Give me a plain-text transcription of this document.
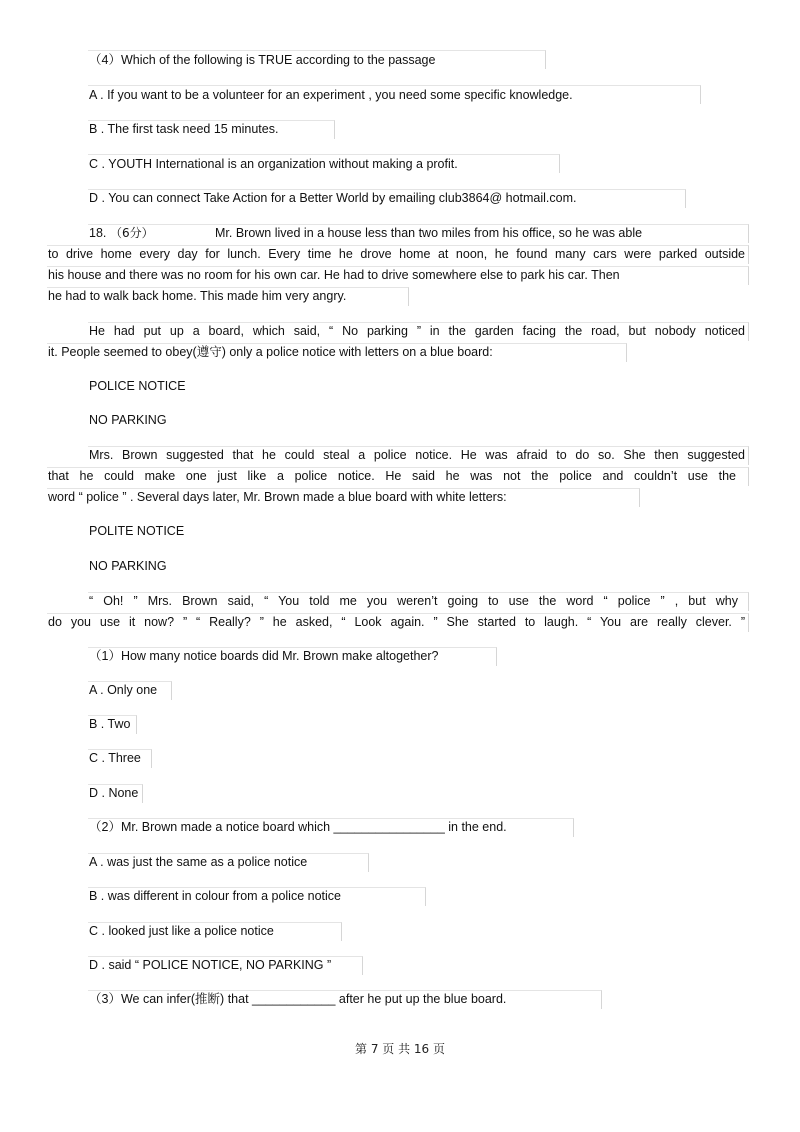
（4）Which of the following is TRUE according to the passage
A . If you want to be a volunteer for an experiment , you need some specific knowledge.
B . The first task need 15 minutes.
C . YOUTH International is an organization without making a profit.
D . You can connect Take Action for a Better World by emailing club3864@ hotmail.com.
18. （6分）	Mr. Brown lived in a house less than two miles from his office, so he was able
to drive home every day for lunch. Every time he drove home at noon, he found many cars were parked outside
his house and there was no room for his own car. He had to drive somewhere else to park his car. Then
he had to walk back home. This made him very angry.
He had put up a board, which said, “ No parking ” in the garden facing the road, but nobody noticed
it. People seemed to obey(遵守) only a police notice with letters on a blue board:
POLICE NOTICE
NO PARKING
Mrs. Brown suggested that he could steal a police notice. He was afraid to do so. She then suggested
that he could make one just like a police notice. He said he was not the police and couldn’t use the
word “ police ” . Several days later, Mr. Brown made a blue board with white letters:
POLITE NOTICE
NO PARKING
“ Oh! ” Mrs. Brown said, “ You told me you weren’t going to use the word “ police ” , but why
do you use it now? ” “ Really? ” he asked, “ Look again. ” She started to laugh. “ You are really clever. ”
（1）How many notice boards did Mr. Brown make altogether?
A . Only one
B . Two
C . Three
D . None
（2）Mr. Brown made a notice board which ________________ in the end.
A . was just the same as a police notice
B . was different in colour from a police notice
C . looked just like a police notice
D . said “ POLICE NOTICE, NO PARKING ”
（3）We can infer(推断) that ____________ after he put up the blue board.
第 7 页 共 16 页
